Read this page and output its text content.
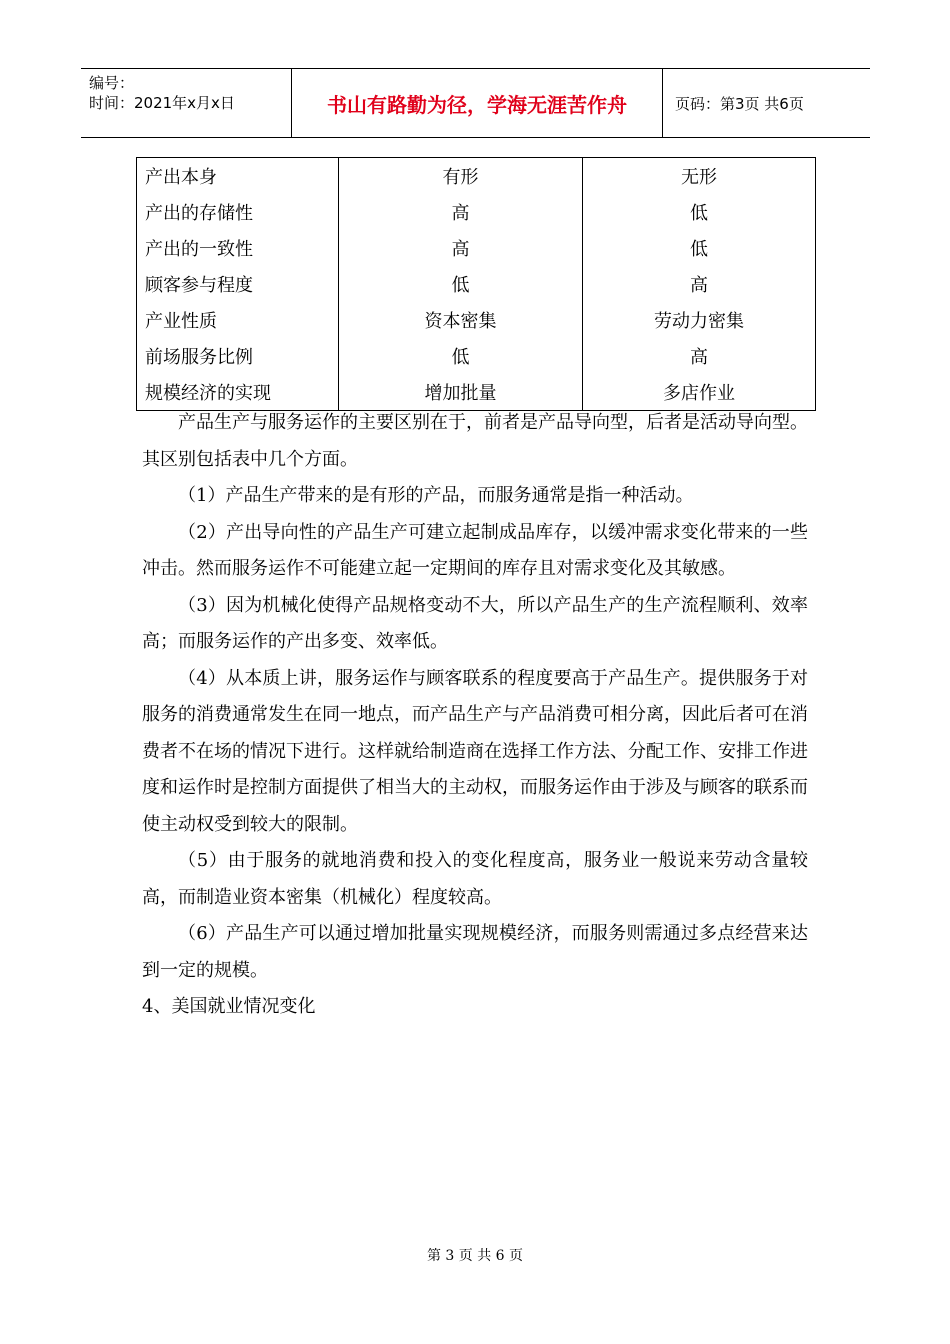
编号：
时间：2021年x月x日	书山有路勤为径，学海无涯苦作舟	页码：第3页 共6页
产出本身	有形	无形
产出的存储性	高	低
产出的一致性	高	低
顾客参与程度	低	高
产业性质	资本密集	劳动力密集
前场服务比例	低	高
规模经济的实现	增加批量	多店作业

产品生产与服务运作的主要区别在于，前者是产品导向型，后者是活动导向型。其区别包括表中几个方面。

（1）产品生产带来的是有形的产品，而服务通常是指一种活动。

（2）产出导向性的产品生产可建立起制成品库存，以缓冲需求变化带来的一些冲击。然而服务运作不可能建立起一定期间的库存且对需求变化及其敏感。

（3）因为机械化使得产品规格变动不大，所以产品生产的生产流程顺利、效率高；而服务运作的产出多变、效率低。

（4）从本质上讲，服务运作与顾客联系的程度要高于产品生产。提供服务于对服务的消费通常发生在同一地点，而产品生产与产品消费可相分离，因此后者可在消费者不在场的情况下进行。这样就给制造商在选择工作方法、分配工作、安排工作进度和运作时是控制方面提供了相当大的主动权，而服务运作由于涉及与顾客的联系而使主动权受到较大的限制。

（5）由于服务的就地消费和投入的变化程度高，服务业一般说来劳动含量较高，而制造业资本密集（机械化）程度较高。

（6）产品生产可以通过增加批量实现规模经济，而服务则需通过多点经营来达到一定的规模。

4、美国就业情况变化

第 3 页 共 6 页
